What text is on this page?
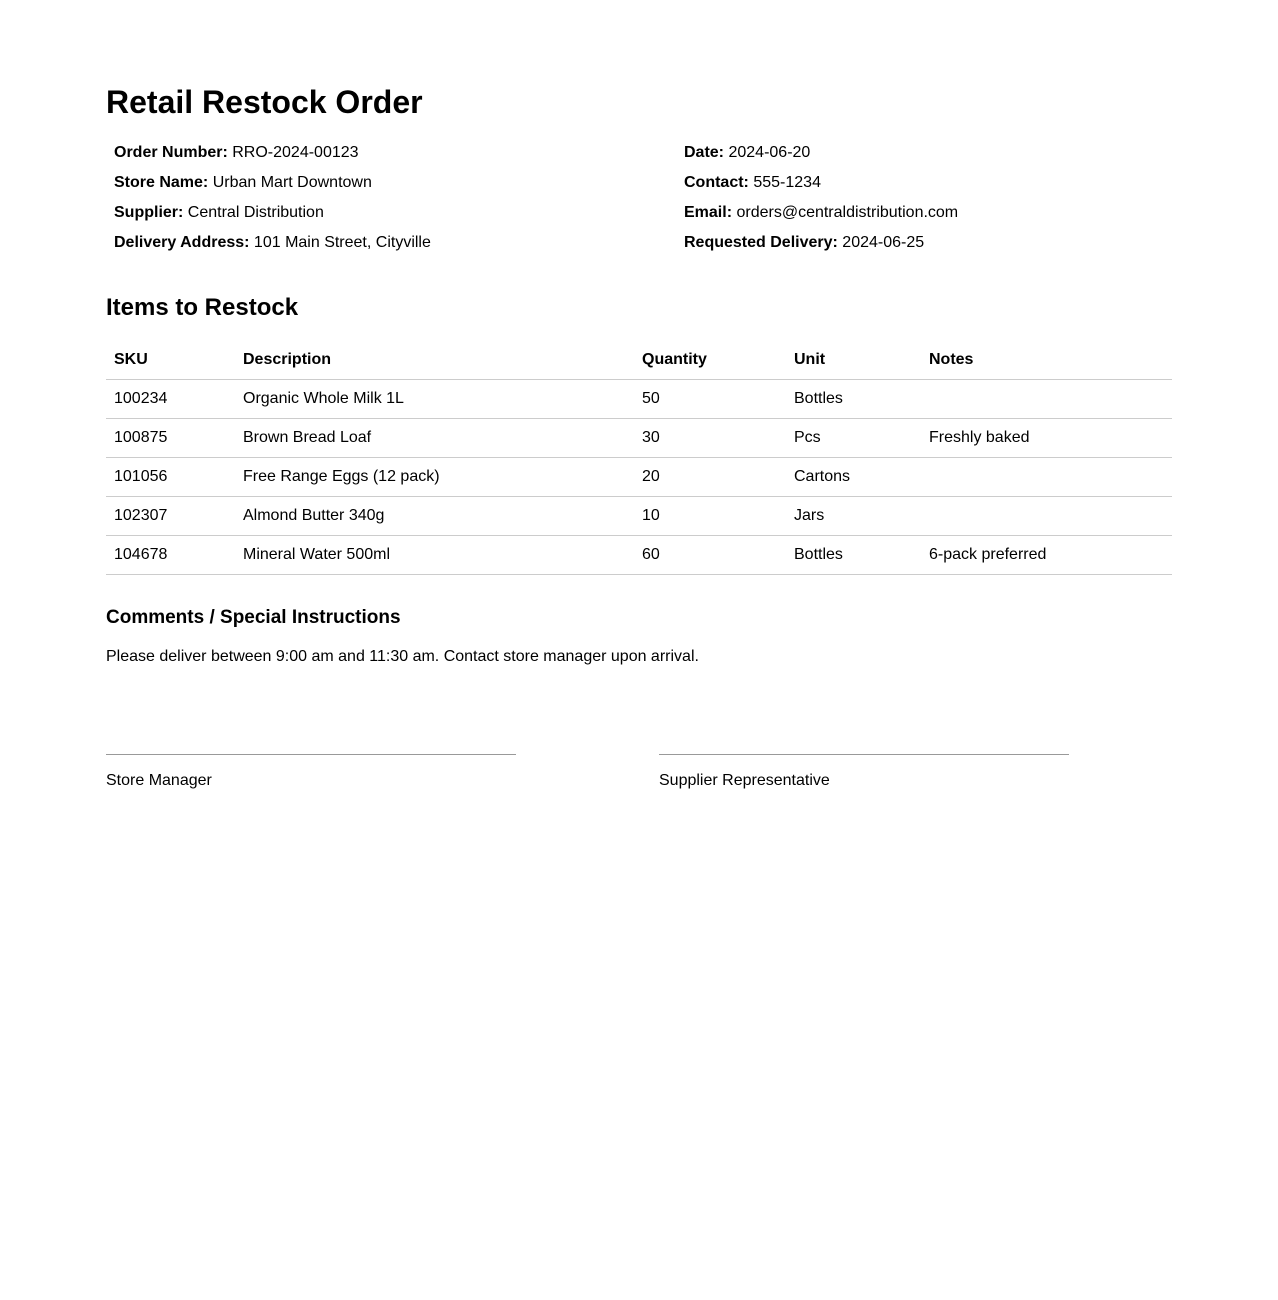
Retail Restock Order
Order Number: RRO-2024-00123
Store Name: Urban Mart Downtown
Supplier: Central Distribution
Delivery Address: 101 Main Street, Cityville
Date: 2024-06-20
Contact: 555-1234
Email: orders@centraldistribution.com
Requested Delivery: 2024-06-25
Items to Restock
SKU	Description	Quantity	Unit	Notes
100234	Organic Whole Milk 1L	50	Bottles	
100875	Brown Bread Loaf	30	Pcs	Freshly baked
101056	Free Range Eggs (12 pack)	20	Cartons	
102307	Almond Butter 340g	10	Jars	
104678	Mineral Water 500ml	60	Bottles	6-pack preferred
Comments / Special Instructions

Please deliver between 9:00 am and 11:30 am. Contact store manager upon arrival.

Store Manager	Supplier Representative
